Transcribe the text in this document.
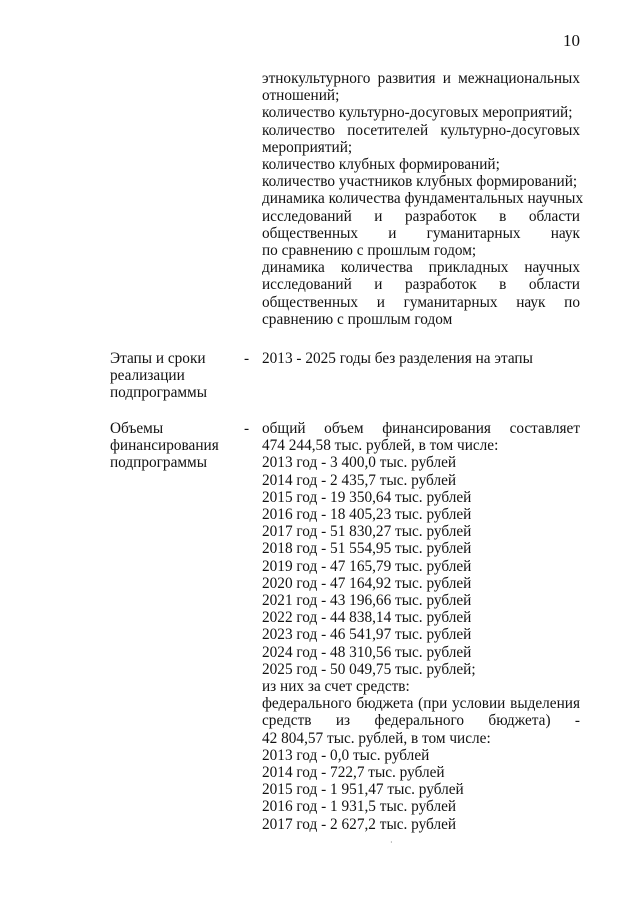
10
этнокультурного развития и межнациональных
отношений;
количество культурно-досуговых мероприятий;
количество посетителей культурно-досуговых
мероприятий;
количество клубных формирований;
количество участников клубных формирований;
динамика количества фундаментальных научных
исследований и разработок в области
общественных и гуманитарных наук
по сравнению с прошлым годом;
динамика количества прикладных научных
исследований и разработок в области
общественных и гуманитарных наук по
сравнению с прошлым годом
Этапы и сроки
реализации
подпрограммы
- 2013 - 2025 годы без разделения на этапы
Объемы
финансирования
подпрограммы
- общий объем финансирования составляет
474 244,58 тыс. рублей, в том числе:
2013 год - 3 400,0 тыс. рублей
2014 год - 2 435,7 тыс. рублей
2015 год - 19 350,64 тыс. рублей
2016 год - 18 405,23 тыс. рублей
2017 год - 51 830,27 тыс. рублей
2018 год - 51 554,95 тыс. рублей
2019 год - 47 165,79 тыс. рублей
2020 год - 47 164,92 тыс. рублей
2021 год - 43 196,66 тыс. рублей
2022 год - 44 838,14 тыс. рублей
2023 год - 46 541,97 тыс. рублей
2024 год - 48 310,56 тыс. рублей
2025 год - 50 049,75 тыс. рублей;
из них за счет средств:
федерального бюджета (при условии выделения
средств из федерального бюджета) -
42 804,57 тыс. рублей, в том числе:
2013 год - 0,0 тыс. рублей
2014 год - 722,7 тыс. рублей
2015 год - 1 951,47 тыс. рублей
2016 год - 1 931,5 тыс. рублей
2017 год - 2 627,2 тыс. рублей
·
